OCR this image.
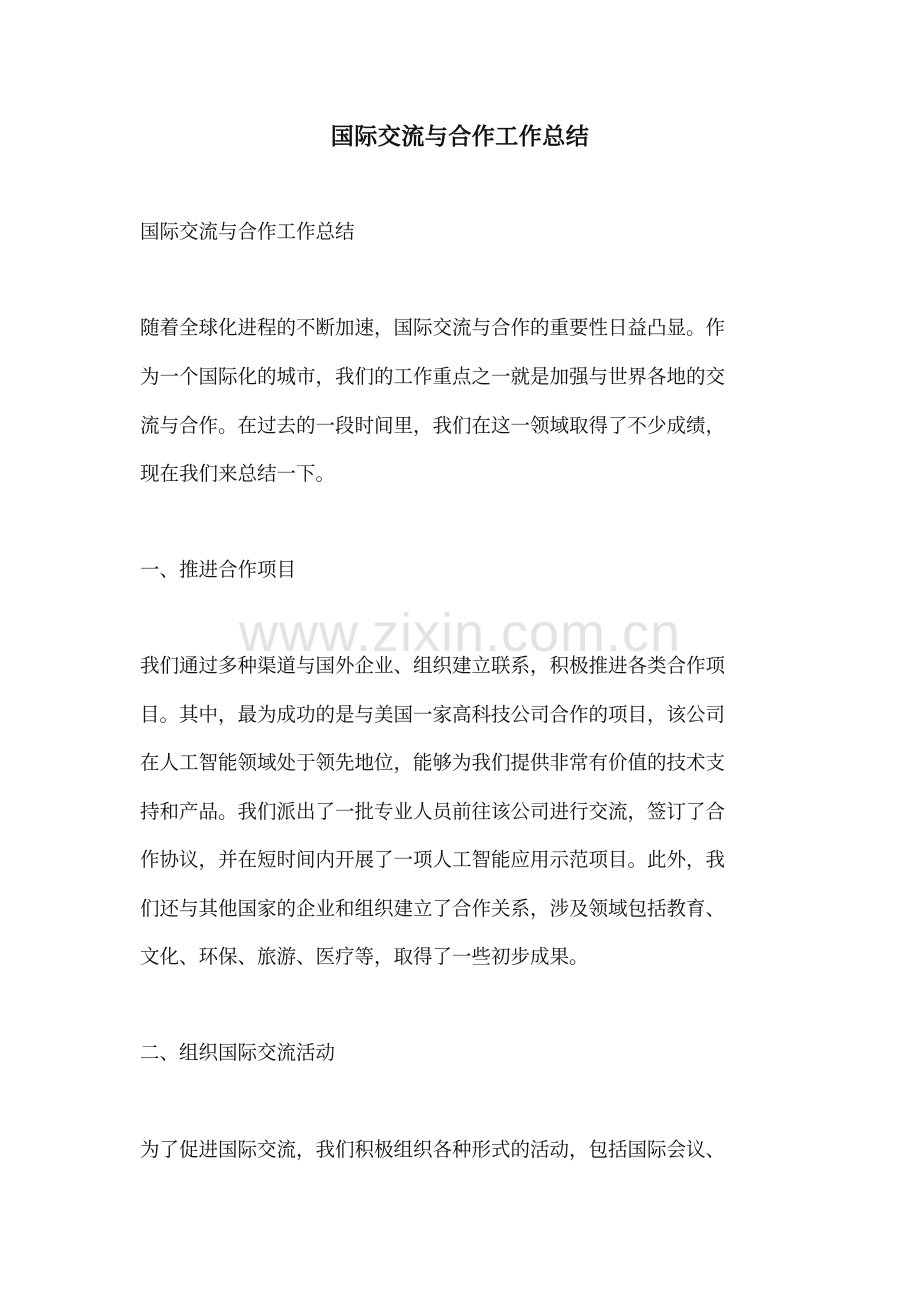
国际交流与合作工作总结
国际交流与合作工作总结
随着全球化进程的不断加速，国际交流与合作的重要性日益凸显。作
为一个国际化的城市，我们的工作重点之一就是加强与世界各地的交
流与合作。在过去的一段时间里，我们在这一领域取得了不少成绩，
现在我们来总结一下。
一、推进合作项目
我们通过多种渠道与国外企业、组织建立联系，积极推进各类合作项
目。其中，最为成功的是与美国一家高科技公司合作的项目，该公司
在人工智能领域处于领先地位，能够为我们提供非常有价值的技术支
持和产品。我们派出了一批专业人员前往该公司进行交流，签订了合
作协议，并在短时间内开展了一项人工智能应用示范项目。此外，我
们还与其他国家的企业和组织建立了合作关系，涉及领域包括教育、
文化、环保、旅游、医疗等，取得了一些初步成果。
二、组织国际交流活动
为了促进国际交流，我们积极组织各种形式的活动，包括国际会议、
www.zixin.com.cn
